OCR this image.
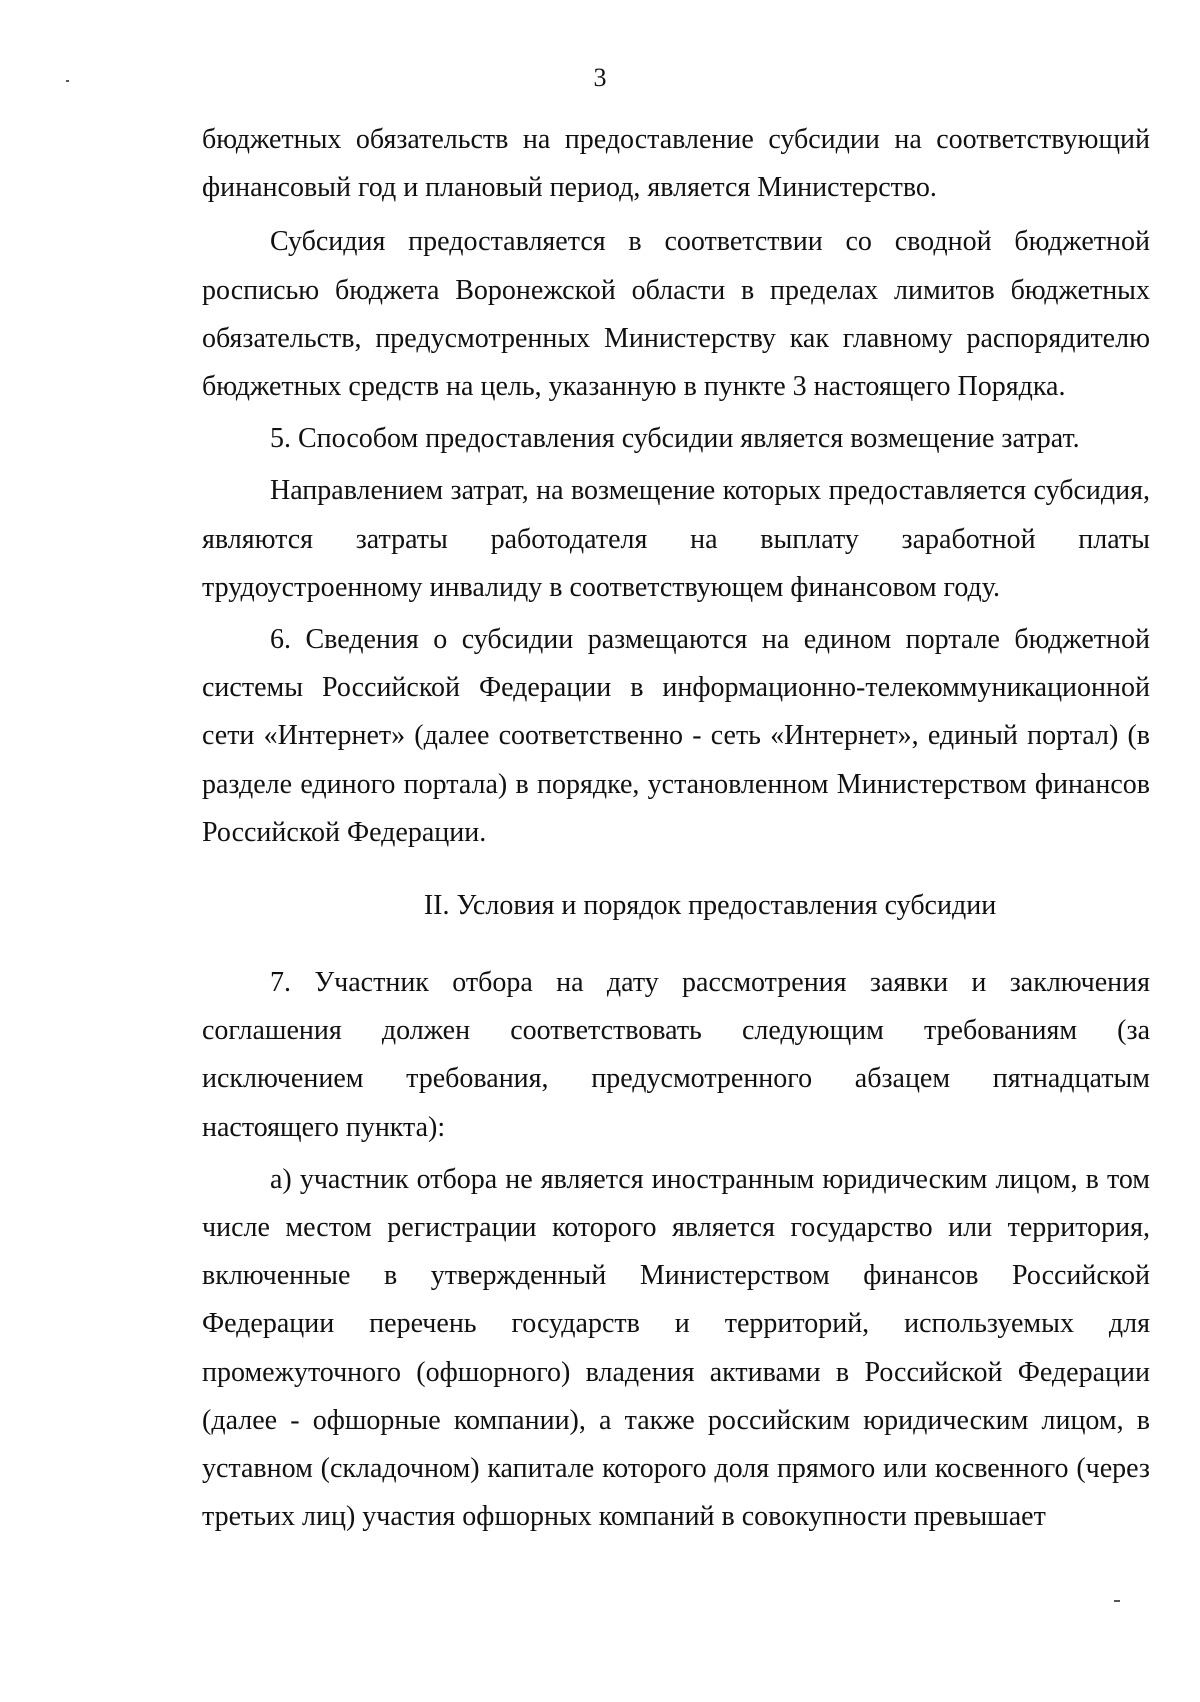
3

бюджетных обязательств на предоставление субсидии на соответствующий финансовый год и плановый период, является Министерство.

Субсидия предоставляется в соответствии со сводной бюджетной росписью бюджета Воронежской области в пределах лимитов бюджетных обязательств, предусмотренных Министерству как главному распорядителю бюджетных средств на цель, указанную в пункте 3 настоящего Порядка.

5. Способом предоставления субсидии является возмещение затрат.

Направлением затрат, на возмещение которых предоставляется субсидия, являются затраты работодателя на выплату заработной платы трудоустроенному инвалиду в соответствующем финансовом году.

6. Сведения о субсидии размещаются на едином портале бюджетной системы Российской Федерации в информационно-телекоммуникационной сети «Интернет» (далее соответственно - сеть «Интернет», единый портал) (в разделе единого портала) в порядке, установленном Министерством финансов Российской Федерации.

II. Условия и порядок предоставления субсидии

7. Участник отбора на дату рассмотрения заявки и заключения соглашения должен соответствовать следующим требованиям (за исключением требования, предусмотренного абзацем пятнадцатым настоящего пункта):

а) участник отбора не является иностранным юридическим лицом, в том числе местом регистрации которого является государство или территория, включенные в утвержденный Министерством финансов Российской Федерации перечень государств и территорий, используемых для промежуточного (офшорного) владения активами в Российской Федерации (далее - офшорные компании), а также российским юридическим лицом, в уставном (складочном) капитале которого доля прямого или косвенного (через третьих лиц) участия офшорных компаний в совокупности превышает
